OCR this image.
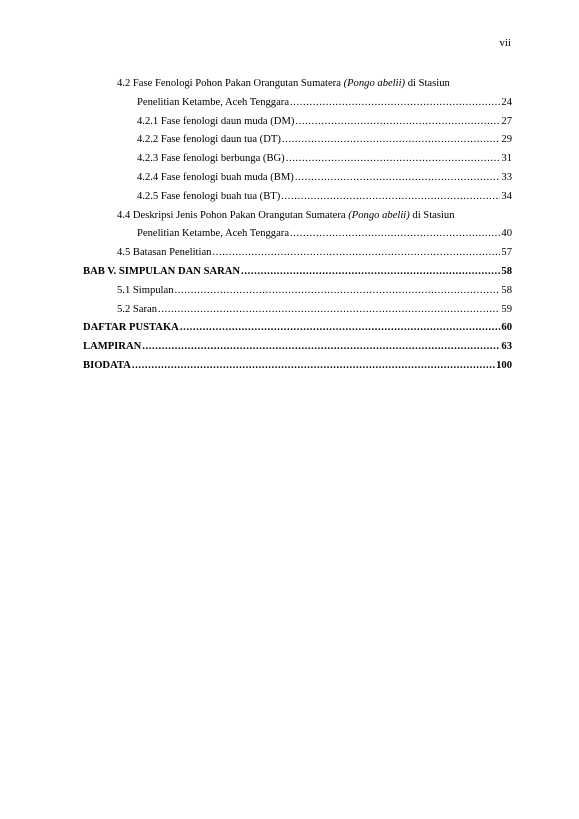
vii
4.2 Fase Fenologi Pohon Pakan Orangutan Sumatera (Pongo abelii) di Stasiun
Penelitian Ketambe, Aceh Tenggara .....	24
4.2.1 Fase fenologi daun muda (DM) .....	27
4.2.2 Fase fenologi daun tua (DT) .....	29
4.2.3 Fase fenologi berbunga (BG) .....	31
4.2.4 Fase fenologi buah muda (BM) .....	33
4.2.5 Fase fenologi buah tua (BT) .....	34
4.4 Deskripsi Jenis Pohon Pakan Orangutan Sumatera (Pongo abelii) di Stasiun
Penelitian Ketambe, Aceh Tenggara .....	40
4.5 Batasan Penelitian .....	57
BAB V. SIMPULAN DAN SARAN .....	58
5.1 Simpulan .....	58
5.2 Saran .....	59
DAFTAR PUSTAKA .....	60
LAMPIRAN .....	63
BIODATA .....	100
